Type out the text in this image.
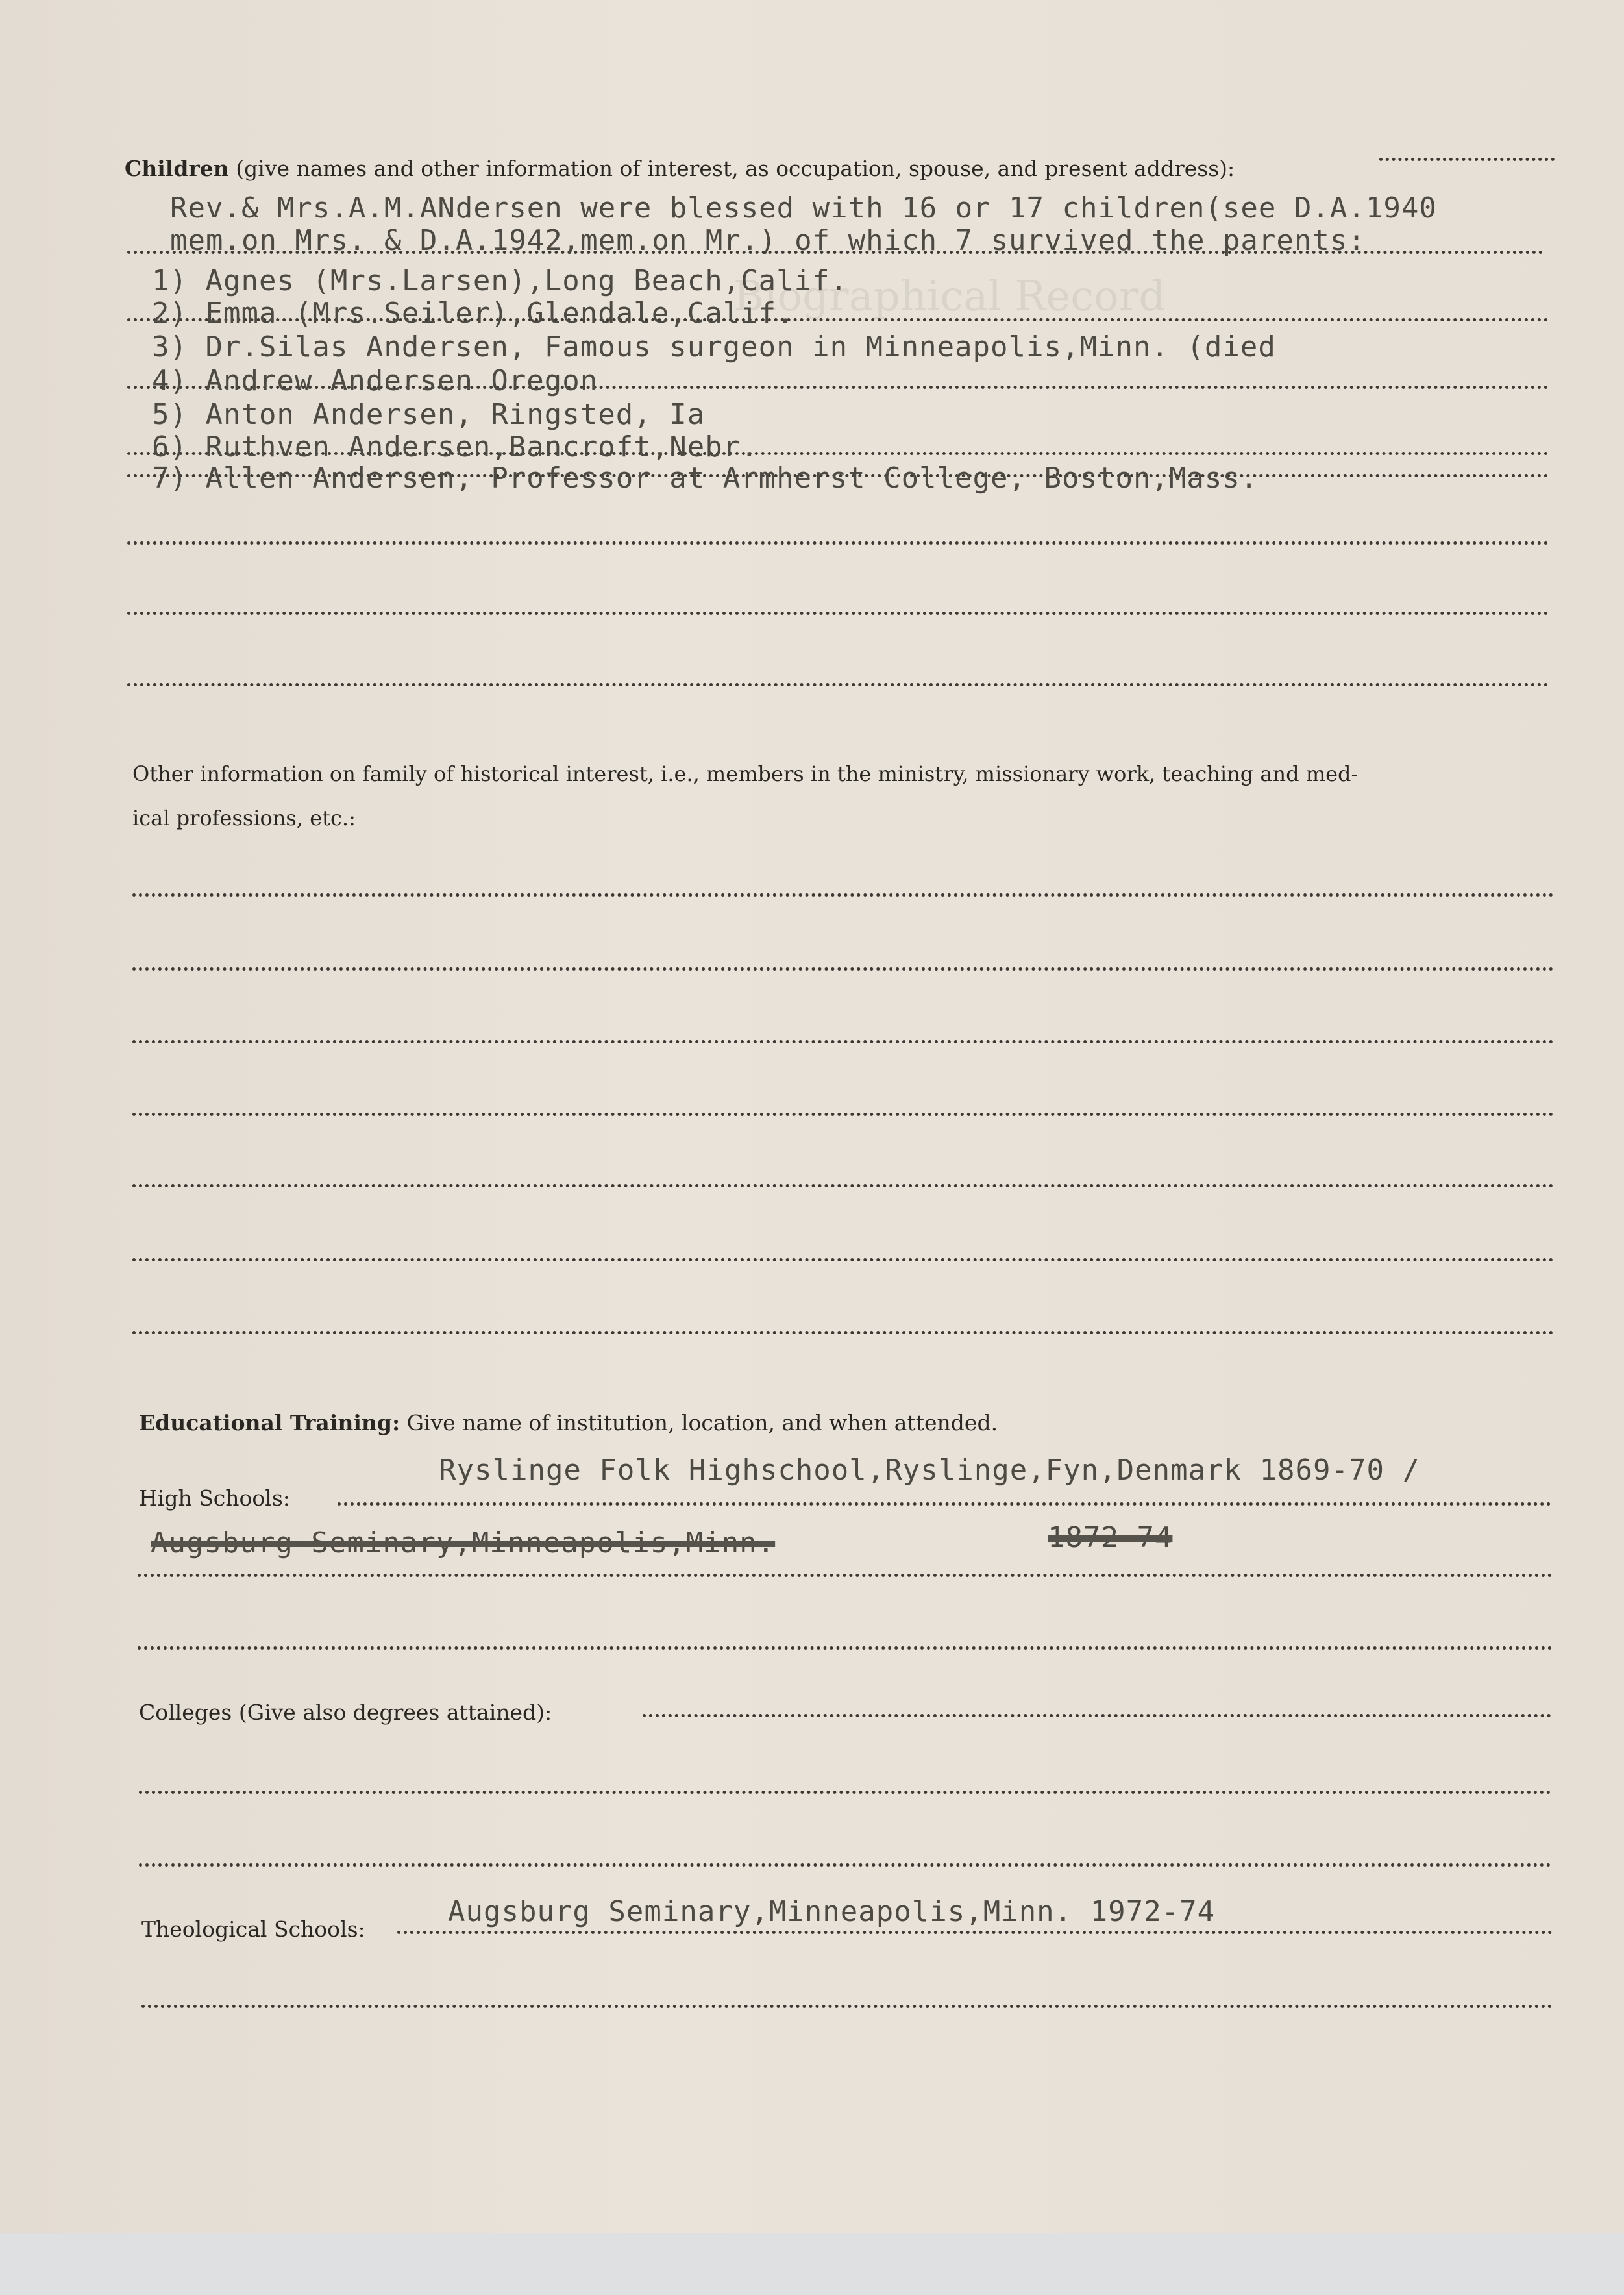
Biographical Record
Children (give names and other information of interest, as occupation, spouse, and present address):
Rev.& Mrs.A.M.ANdersen were blessed with 16 or 17 children(see D.A.1940
mem.on Mrs. & D.A.1942,mem.on Mr.) of which 7 survived the parents:
1) Agnes (Mrs.Larsen),Long Beach,Calif.
2) Emma (Mrs.Seiler),Glendale,Calif.
3) Dr.Silas Andersen, Famous surgeon in Minneapolis,Minn. (died
4) Andrew Andersen Oregon
5) Anton Andersen, Ringsted, Ia
6) Ruthven Andersen,Bancroft,Nebr.
7) Allen Andersen, Professor at Armherst College, Boston,Mass.
Other information on family of historical interest, i.e., members in the ministry, missionary work, teaching and med-
ical professions, etc.:
Educational Training: Give name of institution, location, and when attended.
Ryslinge Folk Highschool,Ryslinge,Fyn,Denmark 1869-70 /
High Schools:
Augsburg Seminary,Minneapolis,Minn.	1872-74
Colleges (Give also degrees attained):
Augsburg Seminary,Minneapolis,Minn. 1972-74
Theological Schools:
